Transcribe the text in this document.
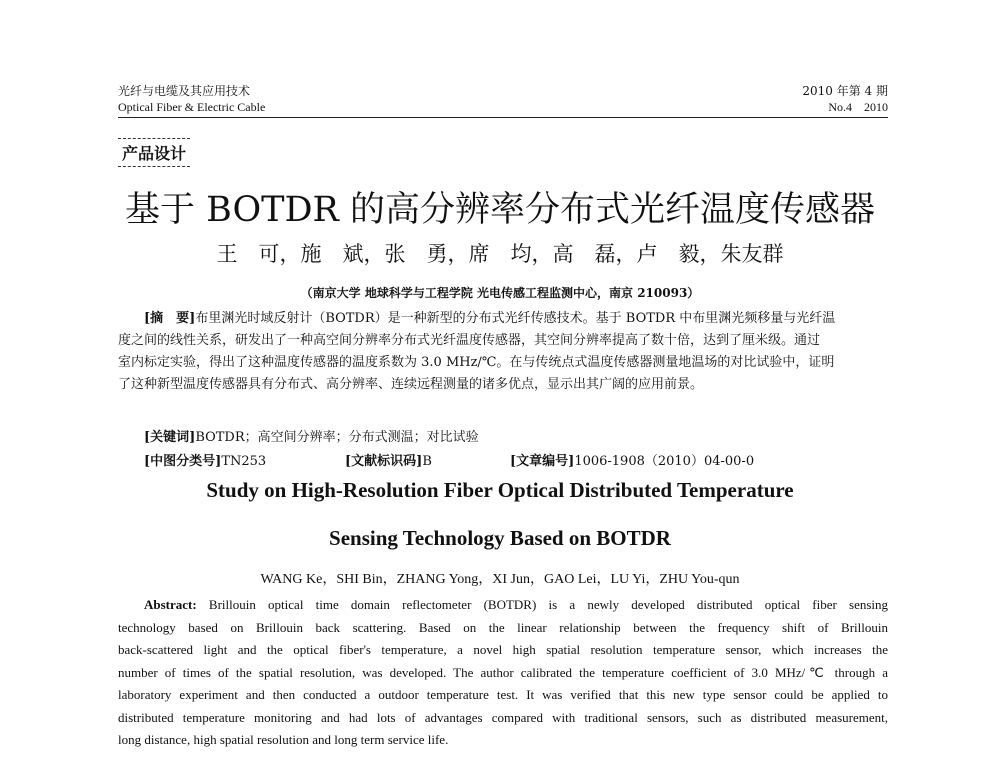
光纤与电缆及其应用技术
Optical Fiber & Electric Cable
2010 年第 4 期
No.4    2010
产品设计
基于 BOTDR 的高分辨率分布式光纤温度传感器
王　可，施　斌，张　勇，席　均，高　磊，卢　毅，朱友群
（南京大学 地球科学与工程学院 光电传感工程监测中心，南京 210093）
[摘　要]布里渊光时域反射计（BOTDR）是一种新型的分布式光纤传感技术。基于 BOTDR 中布里渊光频移量与光纤温
度之间的线性关系，研发出了一种高空间分辨率分布式光纤温度传感器，其空间分辨率提高了数十倍，达到了厘米级。通过
室内标定实验，得出了这种温度传感器的温度系数为 3.0 MHz/℃。在与传统点式温度传感器测量地温场的对比试验中，证明
了这种新型温度传感器具有分布式、高分辨率、连续远程测量的诸多优点，显示出其广阔的应用前景。
[关键词]BOTDR；高空间分辨率；分布式测温；对比试验
[中图分类号]TN253	[文献标识码]B	[文章编号]1006-1908（2010）04-00-0
Study on High-Resolution Fiber Optical Distributed Temperature
Sensing Technology Based on BOTDR
WANG Ke，SHI Bin，ZHANG Yong，XI Jun，GAO Lei，LU Yi，ZHU You-qun
Abstract: Brillouin optical time domain reflectometer (BOTDR) is a newly developed distributed optical fiber sensing
technology based on Brillouin back scattering. Based on the linear relationship between the frequency shift of Brillouin
back-scattered light and the optical fiber's temperature, a novel high spatial resolution temperature sensor, which increases the
number of times of the spatial resolution, was developed. The author calibrated the temperature coefficient of 3.0 MHz/℃ through a
laboratory experiment and then conducted a outdoor temperature test. It was verified that this new type sensor could be applied to
distributed temperature monitoring and had lots of advantages compared with traditional sensors, such as distributed measurement,
long distance, high spatial resolution and long term service life.
